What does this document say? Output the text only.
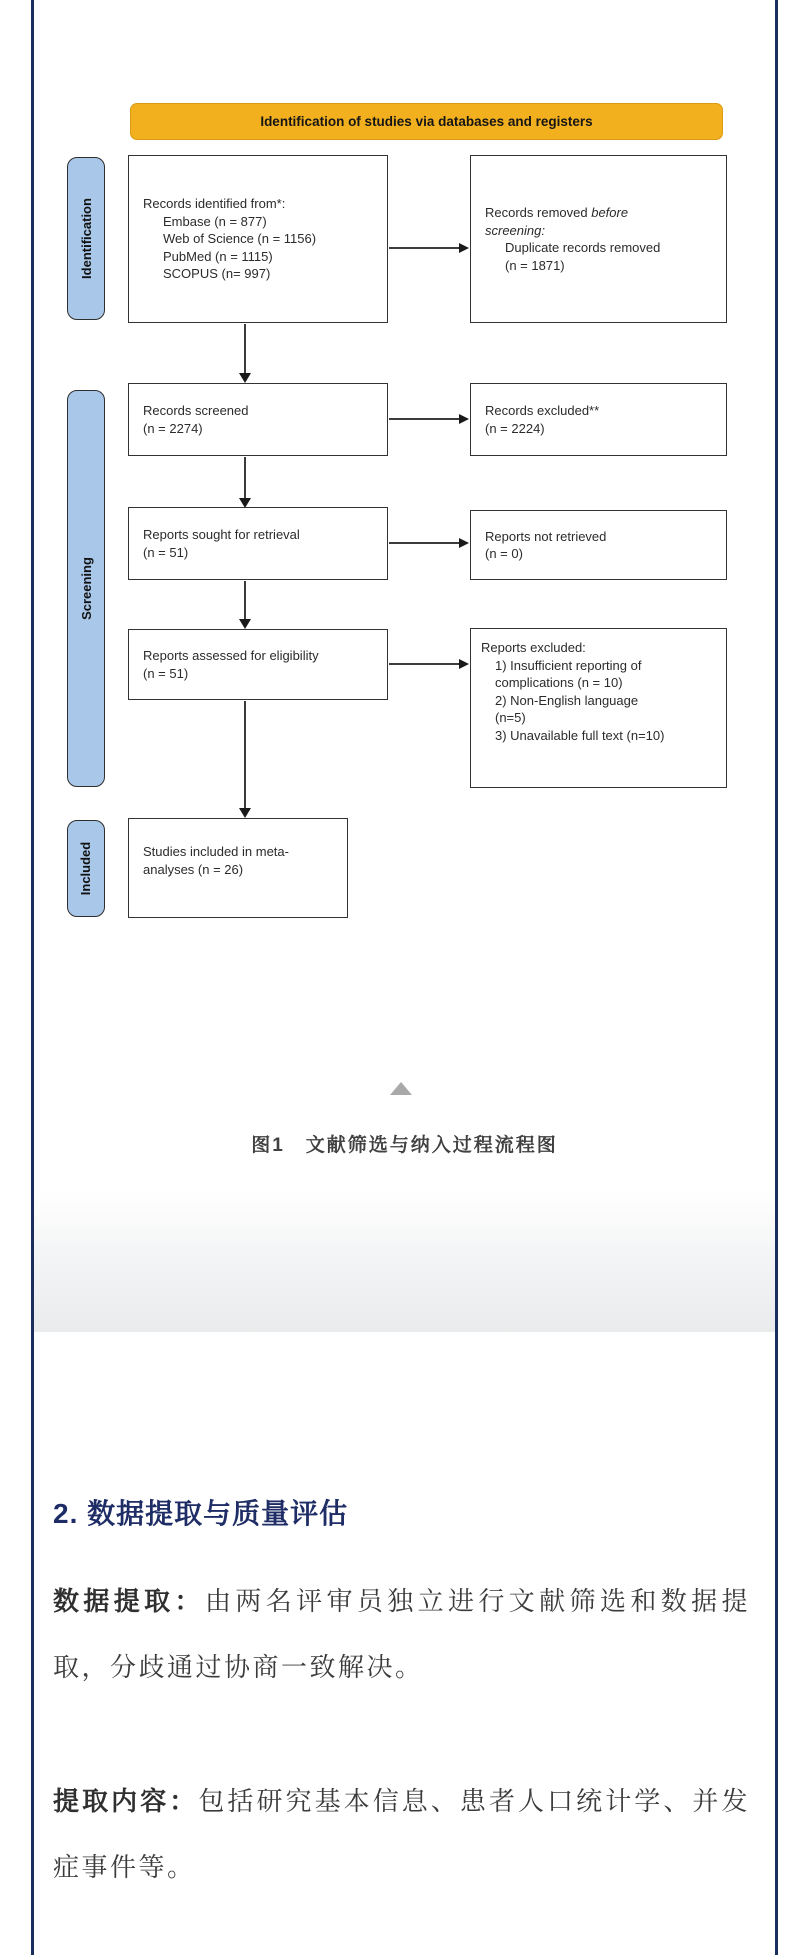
Identification of studies via databases and registers
Identification
Screening
Included
Records identified from*:
Embase (n = 877)
Web of Science (n = 1156)
PubMed (n = 1115)
SCOPUS (n= 997)
Records removed before
screening:
Duplicate records removed
(n = 1871)
Records screened
(n = 2274)
Records excluded**
(n = 2224)
Reports sought for retrieval
(n = 51)
Reports not retrieved
(n = 0)
Reports assessed for eligibility
(n = 51)
Reports excluded:
1) Insufficient reporting of
complications (n = 10)
2) Non-English language
(n=5)
3) Unavailable full text (n=10)
Studies included in meta-
analyses (n = 26)
图1　文献筛选与纳入过程流程图
2. 数据提取与质量评估

数据提取：由两名评审员独立进行文献筛选和数据提取，分歧通过协商一致解决。

提取内容：包括研究基本信息、患者人口统计学、并发症事件等。
